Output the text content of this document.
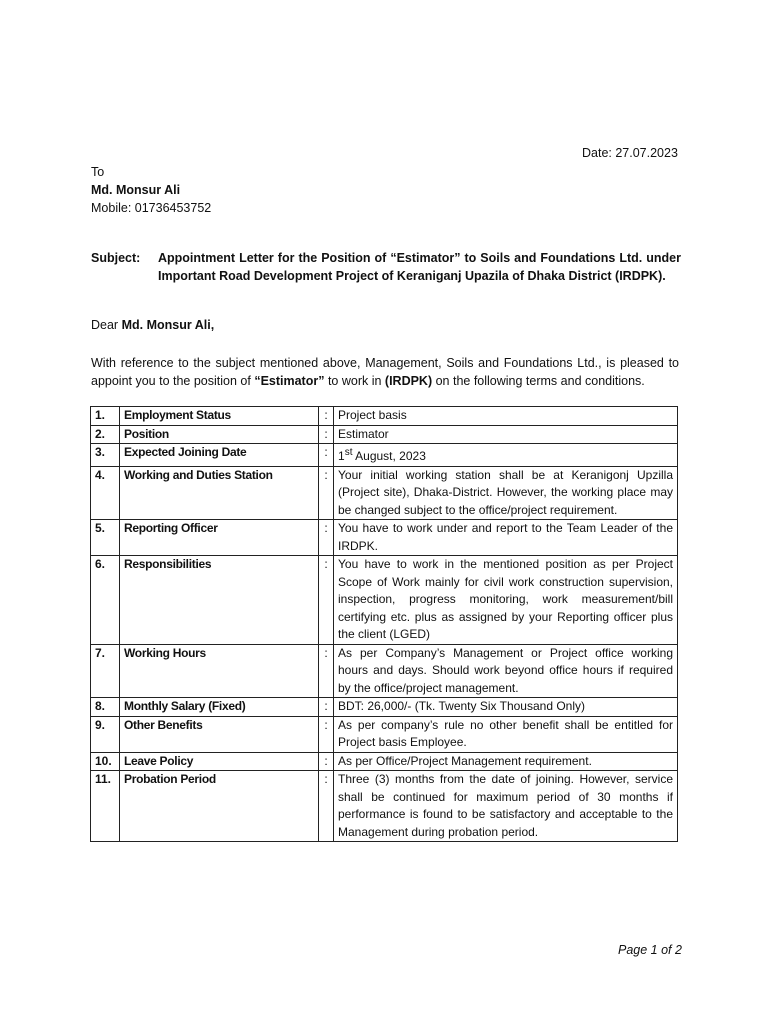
Date: 27.07.2023
To
Md. Monsur Ali
Mobile: 01736453752
Subject: Appointment Letter for the Position of “Estimator” to Soils and Foundations Ltd. under Important Road Development Project of Keraniganj Upazila of Dhaka District (IRDPK).
Dear Md. Monsur Ali,
With reference to the subject mentioned above, Management, Soils and Foundations Ltd., is pleased to appoint you to the position of “Estimator” to work in (IRDPK) on the following terms and conditions.
1.	Employment Status	:	Project basis
2.	Position	:	Estimator
3.	Expected Joining Date	:	1st August, 2023
4.	Working and Duties Station	:	Your initial working station shall be at Keranigonj Upzilla (Project site), Dhaka-District. However, the working place may be changed subject to the office/project requirement.
5.	Reporting Officer	:	You have to work under and report to the Team Leader of the IRDPK.
6.	Responsibilities	:	You have to work in the mentioned position as per Project Scope of Work mainly for civil work construction supervision, inspection, progress monitoring, work measurement/bill certifying etc. plus as assigned by your Reporting officer plus the client (LGED)
7.	Working Hours	:	As per Company’s Management or Project office working hours and days. Should work beyond office hours if required by the office/project management.
8.	Monthly Salary (Fixed)	:	BDT: 26,000/- (Tk. Twenty Six Thousand Only)
9.	Other Benefits	:	As per company’s rule no other benefit shall be entitled for Project basis Employee.
10.	Leave Policy	:	As per Office/Project Management requirement.
11.	Probation Period	:	Three (3) months from the date of joining. However, service shall be continued for maximum period of 30 months if performance is found to be satisfactory and acceptable to the Management during probation period.
Page 1 of 2
